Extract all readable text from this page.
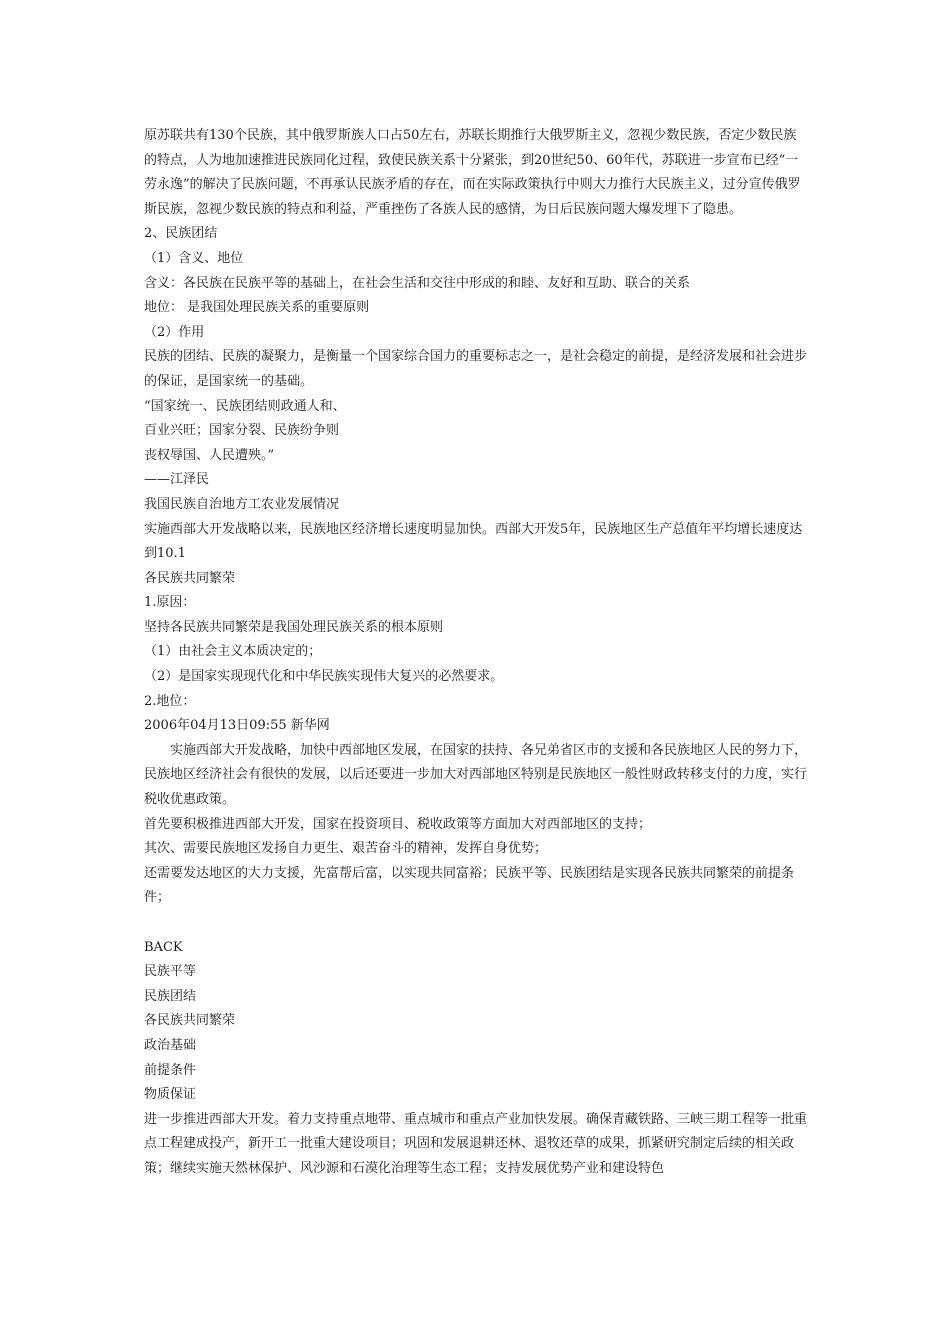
原苏联共有130个民族，其中俄罗斯族人口占50左右，苏联长期推行大俄罗斯主义，忽视少数民族，否定少数民族的特点，人为地加速推进民族同化过程，致使民族关系十分紧张，到20世纪50、60年代，苏联进一步宣布已经“一劳永逸”的解决了民族问题，不再承认民族矛盾的存在，而在实际政策执行中则大力推行大民族主义，过分宣传俄罗斯民族，忽视少数民族的特点和利益，严重挫伤了各族人民的感情，为日后民族问题大爆发埋下了隐患。

2、民族团结

（1）含义、地位

含义：各民族在民族平等的基础上，在社会生活和交往中形成的和睦、友好和互助、联合的关系

地位： 是我国处理民族关系的重要原则

（2）作用

民族的团结、民族的凝聚力，是衡量一个国家综合国力的重要标志之一，是社会稳定的前提，是经济发展和社会进步的保证，是国家统一的基础。

“国家统一、民族团结则政通人和、

百业兴旺；国家分裂、民族纷争则

丧权辱国、人民遭殃。”

——江泽民

我国民族自治地方工农业发展情况

实施西部大开发战略以来，民族地区经济增长速度明显加快。西部大开发5年，民族地区生产总值年平均增长速度达到10.1

各民族共同繁荣

1.原因：

坚持各民族共同繁荣是我国处理民族关系的根本原则

（1）由社会主义本质决定的；

（2）是国家实现现代化和中华民族实现伟大复兴的必然要求。

2.地位：

2006年04月13日09:55 新华网

实施西部大开发战略，加快中西部地区发展，在国家的扶持、各兄弟省区市的支援和各民族地区人民的努力下，民族地区经济社会有很快的发展，以后还要进一步加大对西部地区特别是民族地区一般性财政转移支付的力度，实行税收优惠政策。

首先要积极推进西部大开发，国家在投资项目、税收政策等方面加大对西部地区的支持；

其次、需要民族地区发扬自力更生、艰苦奋斗的精神，发挥自身优势；

还需要发达地区的大力支援，先富帮后富，以实现共同富裕；民族平等、民族团结是实现各民族共同繁荣的前提条件；

BACK

民族平等

民族团结

各民族共同繁荣

政治基础

前提条件

物质保证

进一步推进西部大开发。着力支持重点地带、重点城市和重点产业加快发展。确保青藏铁路、三峡三期工程等一批重点工程建成投产，新开工一批重大建设项目；巩固和发展退耕还林、退牧还草的成果，抓紧研究制定后续的相关政策；继续实施天然林保护、风沙源和石漠化治理等生态工程；支持发展优势产业和建设特色
